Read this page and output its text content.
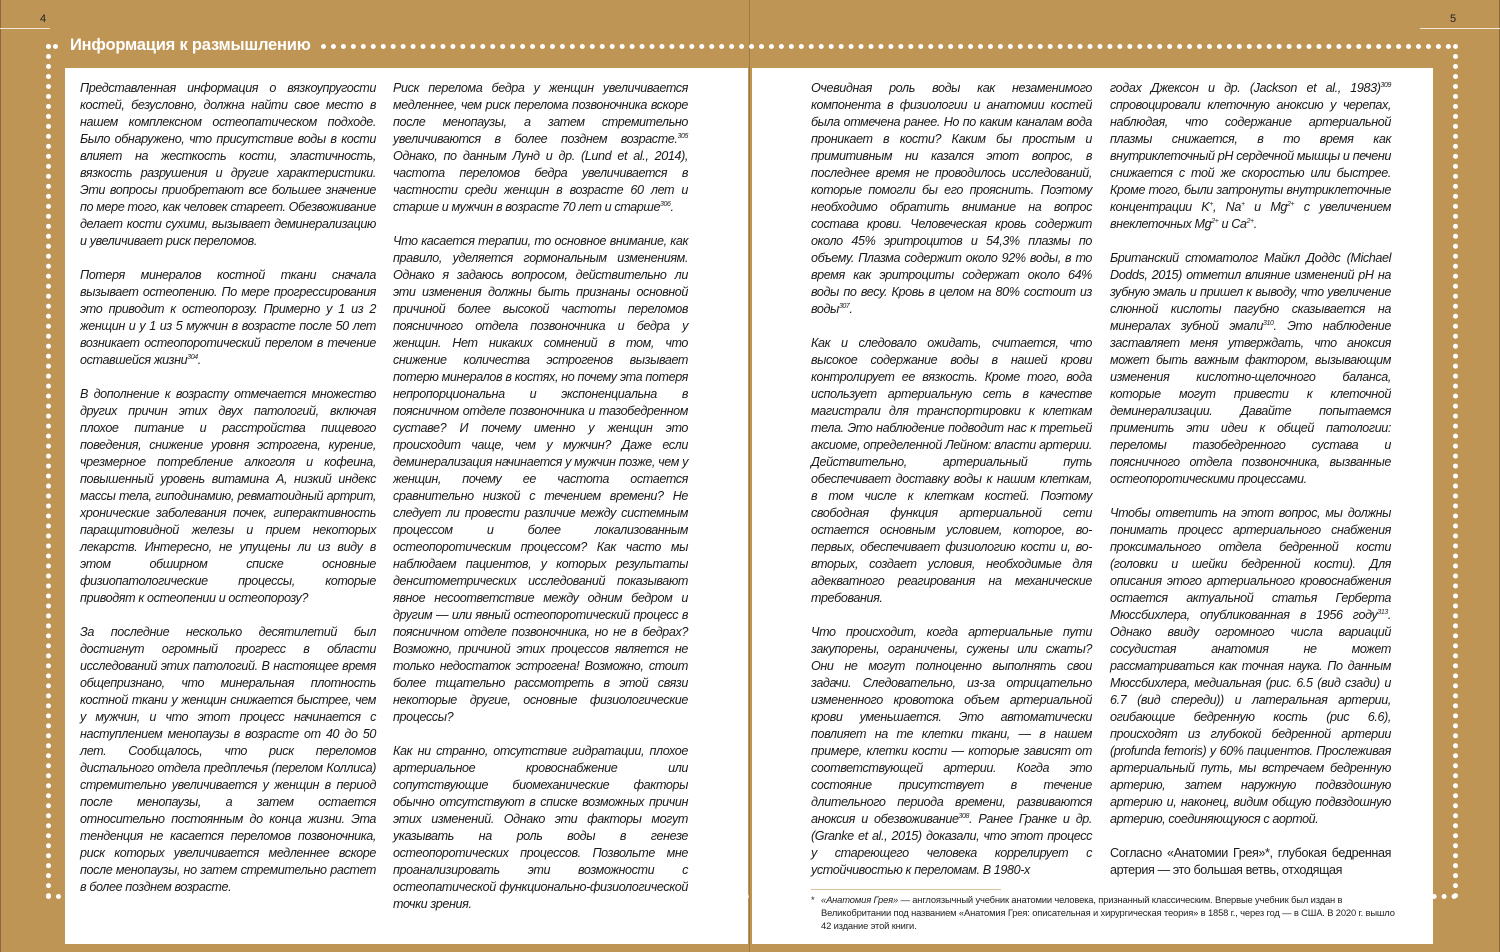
4	5
Информация к размышлению

Представленная информация о вязкоупругости костей, безусловно, должна найти свое место в нашем комплексном остеопатическом подходе. Было обнаружено, что присутствие воды в кости влияет на жесткость кости, эластичность, вязкость разрушения и другие характеристики. Эти вопросы приобретают все большее значение по мере того, как человек стареет. Обезвоживание делает кости сухими, вызывает деминерализацию и увеличивает риск переломов.

Потеря минералов костной ткани сначала вызывает остеопению. По мере прогрессирования это приводит к остеопорозу. Примерно у 1 из 2 женщин и у 1 из 5 мужчин в возрасте после 50 лет возникает остеопоротический перелом в течение оставшейся жизни$^{304}$.

В дополнение к возрасту отмечается множество других причин этих двух патологий, включая плохое питание и расстройства пищевого поведения, снижение уровня эстрогена, курение, чрезмерное потребление алкоголя и кофеина, повышенный уровень витамина А, низкий индекс массы тела, гиподинамию, ревматоидный артрит, хронические заболевания почек, гиперактивность паращитовидной железы и прием некоторых лекарств. Интересно, не упущены ли из виду в этом обширном списке основные физиопатологические процессы, которые приводят к остеопении и остеопорозу?

За последние несколько десятилетий был достигнут огромный прогресс в области исследований этих патологий. В настоящее время общепризнано, что минеральная плотность костной ткани у женщин снижается быстрее, чем у мужчин, и что этот процесс начинается с наступлением менопаузы в возрасте от 40 до 50 лет. Сообщалось, что риск переломов дистального отдела предплечья (перелом Коллиса) стремительно увеличивается у женщин в период после менопаузы, а затем остается относительно постоянным до конца жизни. Эта тенденция не касается переломов позвоночника, риск которых увеличивается медленнее вскоре после менопаузы, но затем стремительно растет в более позднем возрасте.

Риск перелома бедра у женщин увеличивается медленнее, чем риск перелома позвоночника вскоре после менопаузы, а затем стремительно увеличиваются в более позднем возрасте.$^{305}$ Однако, по данным Лунд и др. (Lund et al., 2014), частота переломов бедра увеличивается в частности среди женщин в возрасте 60 лет и старше и мужчин в возрасте 70 лет и старше$^{306}$.

Что касается терапии, то основное внимание, как правило, уделяется гормональным изменениям. Однако я задаюсь вопросом, действительно ли эти изменения должны быть признаны основной причиной более высокой частоты переломов поясничного отдела позвоночника и бедра у женщин. Нет никаких сомнений в том, что снижение количества эстрогенов вызывает потерю минералов в костях, но почему эта потеря непропорциональна и экспоненциальна в поясничном отделе позвоночника и тазобедренном суставе? И почему именно у женщин это происходит чаще, чем у мужчин? Даже если деминерализация начинается у мужчин позже, чем у женщин, почему ее частота остается сравнительно низкой с течением времени? Не следует ли провести различие между системным процессом и более локализованным остеопоротическим процессом? Как часто мы наблюдаем пациентов, у которых результаты денситометрических исследований показывают явное несоответствие между одним бедром и другим — или явный остеопоротический процесс в поясничном отделе позвоночника, но не в бедрах? Возможно, причиной этих процессов является не только недостаток эстрогена! Возможно, стоит более тщательно рассмотреть в этой связи некоторые другие, основные физиологические процессы?

Как ни странно, отсутствие гидратации, плохое артериальное кровоснабжение или сопутствующие биомеханические факторы обычно отсутствуют в списке возможных причин этих изменений. Однако эти факторы могут указывать на роль воды в генезе остеопоротических процессов. Позвольте мне проанализировать эти возможности с остеопатической функционально-физиологической точки зрения.

Очевидная роль воды как незаменимого компонента в физиологии и анатомии костей была отмечена ранее. Но по каким каналам вода проникает в кости? Каким бы простым и примитивным ни казался этот вопрос, в последнее время не проводилось исследований, которые помогли бы его прояснить. Поэтому необходимо обратить внимание на вопрос состава крови. Человеческая кровь содержит около 45% эритроцитов и 54,3% плазмы по объему. Плазма содержит около 92% воды, в то время как эритроциты содержат около 64% воды по весу. Кровь в целом на 80% состоит из воды$^{307}$.

Как и следовало ожидать, считается, что высокое содержание воды в нашей крови контролирует ее вязкость. Кроме того, вода использует артериальную сеть в качестве магистрали для транспортировки к клеткам тела. Это наблюдение подводит нас к третьей аксиоме, определенной Лейном: власти артерии. Действительно, артериальный путь обеспечивает доставку воды к нашим клеткам, в том числе к клеткам костей. Поэтому свободная функция артериальной сети остается основным условием, которое, во-первых, обеспечивает физиологию кости и, во-вторых, создает условия, необходимые для адекватного реагирования на механические требования.

Что происходит, когда артериальные пути закупорены, ограничены, сужены или сжаты? Они не могут полноценно выполнять свои задачи. Следовательно, из-за отрицательно измененного кровотока объем артериальной крови уменьшается. Это автоматически повлияет на те клетки ткани, — в нашем примере, клетки кости — которые зависят от соответствующей артерии. Когда это состояние присутствует в течение длительного периода времени, развиваются аноксия и обезвоживание$^{308}$. Ранее Гранке и др. (Granke et al., 2015) доказали, что этот процесс у стареющего человека коррелирует с устойчивостью к переломам. В 1980-х

годах Джексон и др. (Jackson et al., 1983)$^{309}$ спровоцировали клеточную аноксию у черепах, наблюдая, что содержание артериальной плазмы снижается, в то время как внутриклеточный pH сердечной мышцы и печени снижается с той же скоростью или быстрее. Кроме того, были затронуты внутриклеточные концентрации K+, Na+ и $Mg^{2+}$ с увеличением внеклеточных $Mg^{2+}$ и $Ca^{2+}$.

Британский стоматолог Майкл Доддс (Michael Dodds, 2015) отметил влияние изменений pH на зубную эмаль и пришел к выводу, что увеличение слюнной кислоты пагубно сказывается на минералах зубной эмали$^{310}$. Это наблюдение заставляет меня утверждать, что аноксия может быть важным фактором, вызывающим изменения кислотно-щелочного баланса, которые могут привести к клеточной деминерализации. Давайте попытаемся применить эти идеи к общей патологии: переломы тазобедренного сустава и поясничного отдела позвоночника, вызванные остеопоротическими процессами.

Чтобы ответить на этот вопрос, мы должны понимать процесс артериального снабжения проксимального отдела бедренной кости (головки и шейки бедренной кости). Для описания этого артериального кровоснабжения остается актуальной статья Герберта Мюссбихлера, опубликованная в 1956 году$^{313}$. Однако ввиду огромного числа вариаций сосудистая анатомия не может рассматриваться как точная наука. По данным Мюссбихлера, медиальная (рис. 6.5 (вид сзади) и 6.7 (вид спереди)) и латеральная артерии, огибающие бедренную кость (рис 6.6), происходят из глубокой бедренной артерии (profunda femoris) у 60% пациентов. Прослеживая артериальный путь, мы встречаем бедренную артерию, затем наружную подвздошную артерию и, наконец, видим общую подвздошную артерию, соединяющуюся с аортой.

Согласно «Анатомии Грея»*, глубокая бедренная артерия — это большая ветвь, отходящая

* «Анатомия Грея» — англоязычный учебник анатомии человека, признанный классическим. Впервые учебник был издан в Великобритании под названием «Анатомия Грея: описательная и хирургическая теория» в 1858 г., через год — в США. В 2020 г. вышло 42 издание этой книги.
